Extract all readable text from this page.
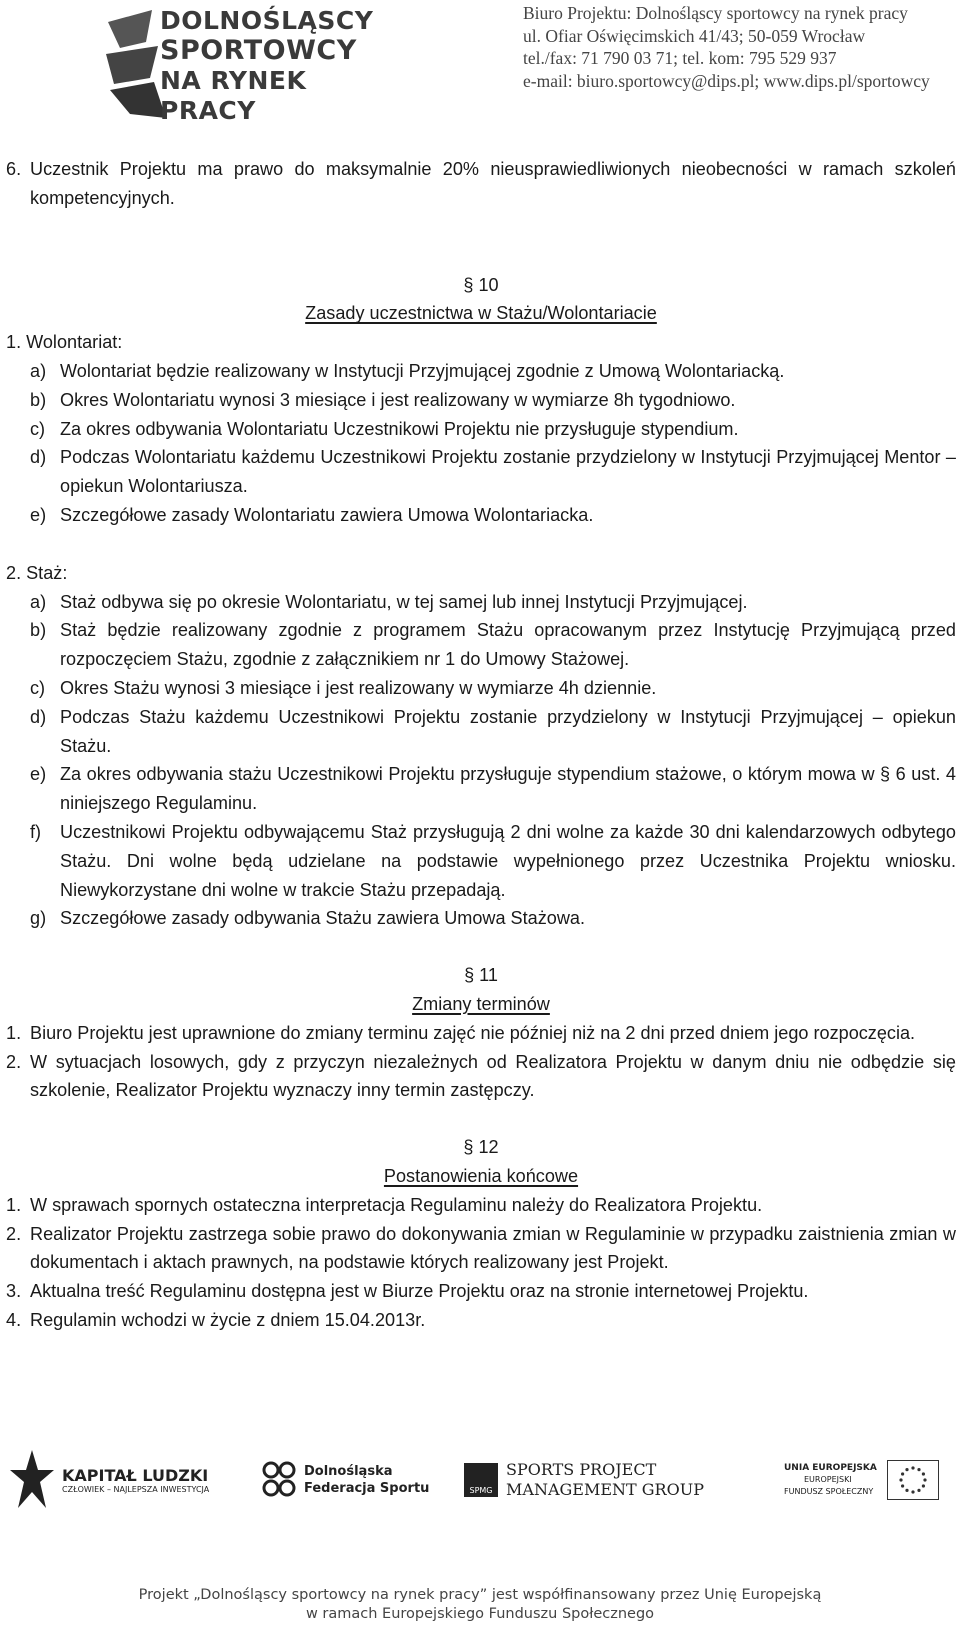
DOLNOŚLĄSCY
SPORTOWCY
NA RYNEK PRACY
Biuro Projektu: Dolnośląscy sportowcy na rynek pracy
ul. Ofiar Oświęcimskich 41/43; 50-059 Wrocław
tel./fax: 71 790 03 71; tel. kom: 795 529 937
e-mail: biuro.sportowcy@dips.pl; www.dips.pl/sportowcy
6. Uczestnik Projektu ma prawo do maksymalnie 20% nieusprawiedliwionych nieobecności w ramach szkoleń kompetencyjnych.
§ 10
Zasady uczestnictwa w Stażu/Wolontariacie
1. Wolontariat:
a) Wolontariat będzie realizowany w Instytucji Przyjmującej zgodnie z Umową Wolontariacką.
b) Okres Wolontariatu wynosi 3 miesiące i jest realizowany w wymiarze 8h tygodniowo.
c) Za okres odbywania Wolontariatu Uczestnikowi Projektu nie przysługuje stypendium.
d) Podczas Wolontariatu każdemu Uczestnikowi Projektu zostanie przydzielony w Instytucji Przyjmującej Mentor – opiekun Wolontariusza.
e) Szczegółowe zasady Wolontariatu zawiera Umowa Wolontariacka.
2. Staż:
a) Staż odbywa się po okresie Wolontariatu, w tej samej lub innej Instytucji Przyjmującej.
b) Staż będzie realizowany zgodnie z programem Stażu opracowanym przez Instytucję Przyjmującą przed rozpoczęciem Stażu, zgodnie z załącznikiem nr 1 do Umowy Stażowej.
c) Okres Stażu wynosi 3 miesiące i jest realizowany w wymiarze 4h dziennie.
d) Podczas Stażu każdemu Uczestnikowi Projektu zostanie przydzielony w Instytucji Przyjmującej – opiekun Stażu.
e) Za okres odbywania stażu Uczestnikowi Projektu przysługuje stypendium stażowe, o którym mowa w § 6 ust. 4 niniejszego Regulaminu.
f) Uczestnikowi Projektu odbywającemu Staż przysługują 2 dni wolne za każde 30 dni kalendarzowych odbytego Stażu. Dni wolne będą udzielane na podstawie wypełnionego przez Uczestnika Projektu wniosku. Niewykorzystane dni wolne w trakcie Stażu przepadają.
g) Szczegółowe zasady odbywania Stażu zawiera Umowa Stażowa.
§ 11
Zmiany terminów
1. Biuro Projektu jest uprawnione do zmiany terminu zajęć nie później niż na 2 dni przed dniem jego rozpoczęcia.
2. W sytuacjach losowych, gdy z przyczyn niezależnych od Realizatora Projektu w danym dniu nie odbędzie się szkolenie, Realizator Projektu wyznaczy inny termin zastępczy.
§ 12
Postanowienia końcowe
1. W sprawach spornych ostateczna interpretacja Regulaminu należy do Realizatora Projektu.
2. Realizator Projektu zastrzega sobie prawo do dokonywania zmian w Regulaminie w przypadku zaistnienia zmian w dokumentach i aktach prawnych, na podstawie których realizowany jest Projekt.
3. Aktualna treść Regulaminu dostępna jest w Biurze Projektu oraz na stronie internetowej Projektu.
4. Regulamin wchodzi w życie z dniem 15.04.2013r.
KAPITAŁ LUDZKI
CZŁOWIEK – NAJLEPSZA INWESTYCJA
Dolnośląska
Federacja Sportu	SPMG
SPORTS PROJECT
MANAGEMENT GROUP
UNIA EUROPEJSKA
EUROPEJSKI
FUNDUSZ SPOŁECZNY
Projekt „Dolnośląscy sportowcy na rynek pracy” jest współfinansowany przez Unię Europejską
w ramach Europejskiego Funduszu Społecznego
